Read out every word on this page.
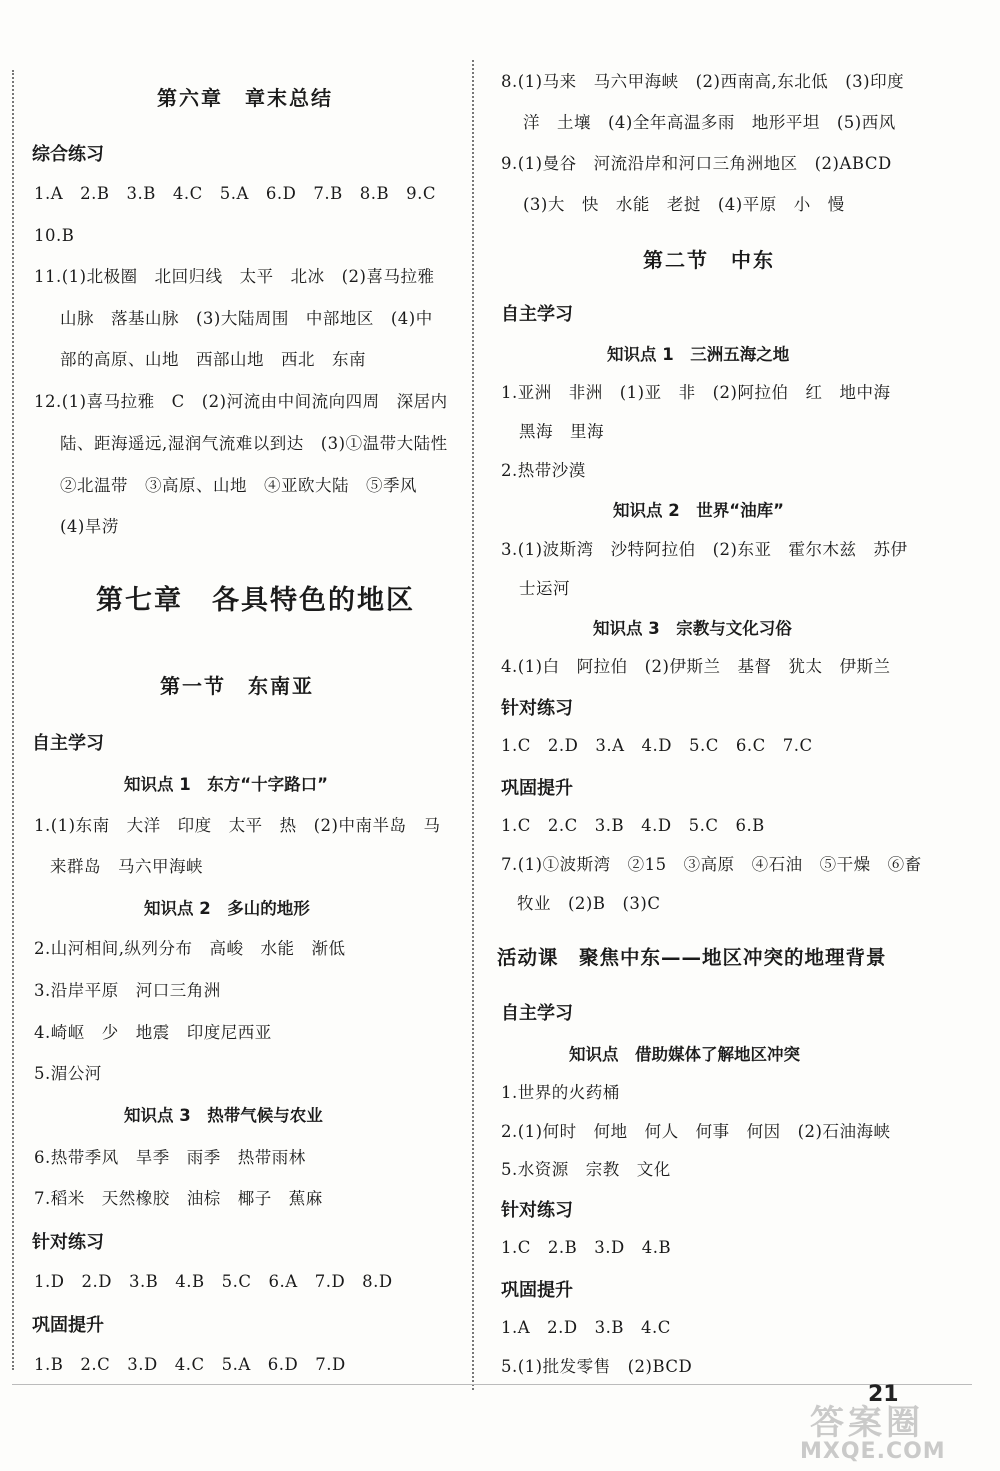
第六章　章末总结
综合练习
1.A　2.B　3.B　4.C　5.A　6.D　7.B　8.B　9.C
10.B
11.(1)北极圈　北回归线　太平　北冰　(2)喜马拉雅
山脉　落基山脉　(3)大陆周围　中部地区　(4)中
部的高原、山地　西部山地　西北　东南
12.(1)喜马拉雅　C　(2)河流由中间流向四周　深居内
陆、距海遥远,湿润气流难以到达　(3)①温带大陆性
②北温带　③高原、山地　④亚欧大陆　⑤季风
(4)旱涝
第七章　各具特色的地区
第一节　东南亚
自主学习
知识点 1　东方“十字路口”
1.(1)东南　大洋　印度　太平　热　(2)中南半岛　马
来群岛　马六甲海峡
知识点 2　多山的地形
2.山河相间,纵列分布　高峻　水能　渐低
3.沿岸平原　河口三角洲
4.崎岖　少　地震　印度尼西亚
5.湄公河
知识点 3　热带气候与农业
6.热带季风　旱季　雨季　热带雨林
7.稻米　天然橡胶　油棕　椰子　蕉麻
针对练习
1.D　2.D　3.B　4.B　5.C　6.A　7.D　8.D
巩固提升
1.B　2.C　3.D　4.C　5.A　6.D　7.D
8.(1)马来　马六甲海峡　(2)西南高,东北低　(3)印度
洋　土壤　(4)全年高温多雨　地形平坦　(5)西风
9.(1)曼谷　河流沿岸和河口三角洲地区　(2)ABCD
(3)大　快　水能　老挝　(4)平原　小　慢
第二节　中东
自主学习
知识点 1　三洲五海之地
1.亚洲　非洲　(1)亚　非　(2)阿拉伯　红　地中海
黑海　里海
2.热带沙漠
知识点 2　世界“油库”
3.(1)波斯湾　沙特阿拉伯　(2)东亚　霍尔木兹　苏伊
士运河
知识点 3　宗教与文化习俗
4.(1)白　阿拉伯　(2)伊斯兰　基督　犹太　伊斯兰
针对练习
1.C　2.D　3.A　4.D　5.C　6.C　7.C
巩固提升
1.C　2.C　3.B　4.D　5.C　6.B
7.(1)①波斯湾　②15　③高原　④石油　⑤干燥　⑥畜
牧业　(2)B　(3)C
活动课　聚焦中东——地区冲突的地理背景
自主学习
知识点　借助媒体了解地区冲突
1.世界的火药桶
2.(1)何时　何地　何人　何事　何因　(2)石油海峡
5.水资源　宗教　文化
针对练习
1.C　2.B　3.D　4.B
巩固提升
1.A　2.D　3.B　4.C
5.(1)批发零售　(2)BCD
21
答案圈
MXQE.COM
